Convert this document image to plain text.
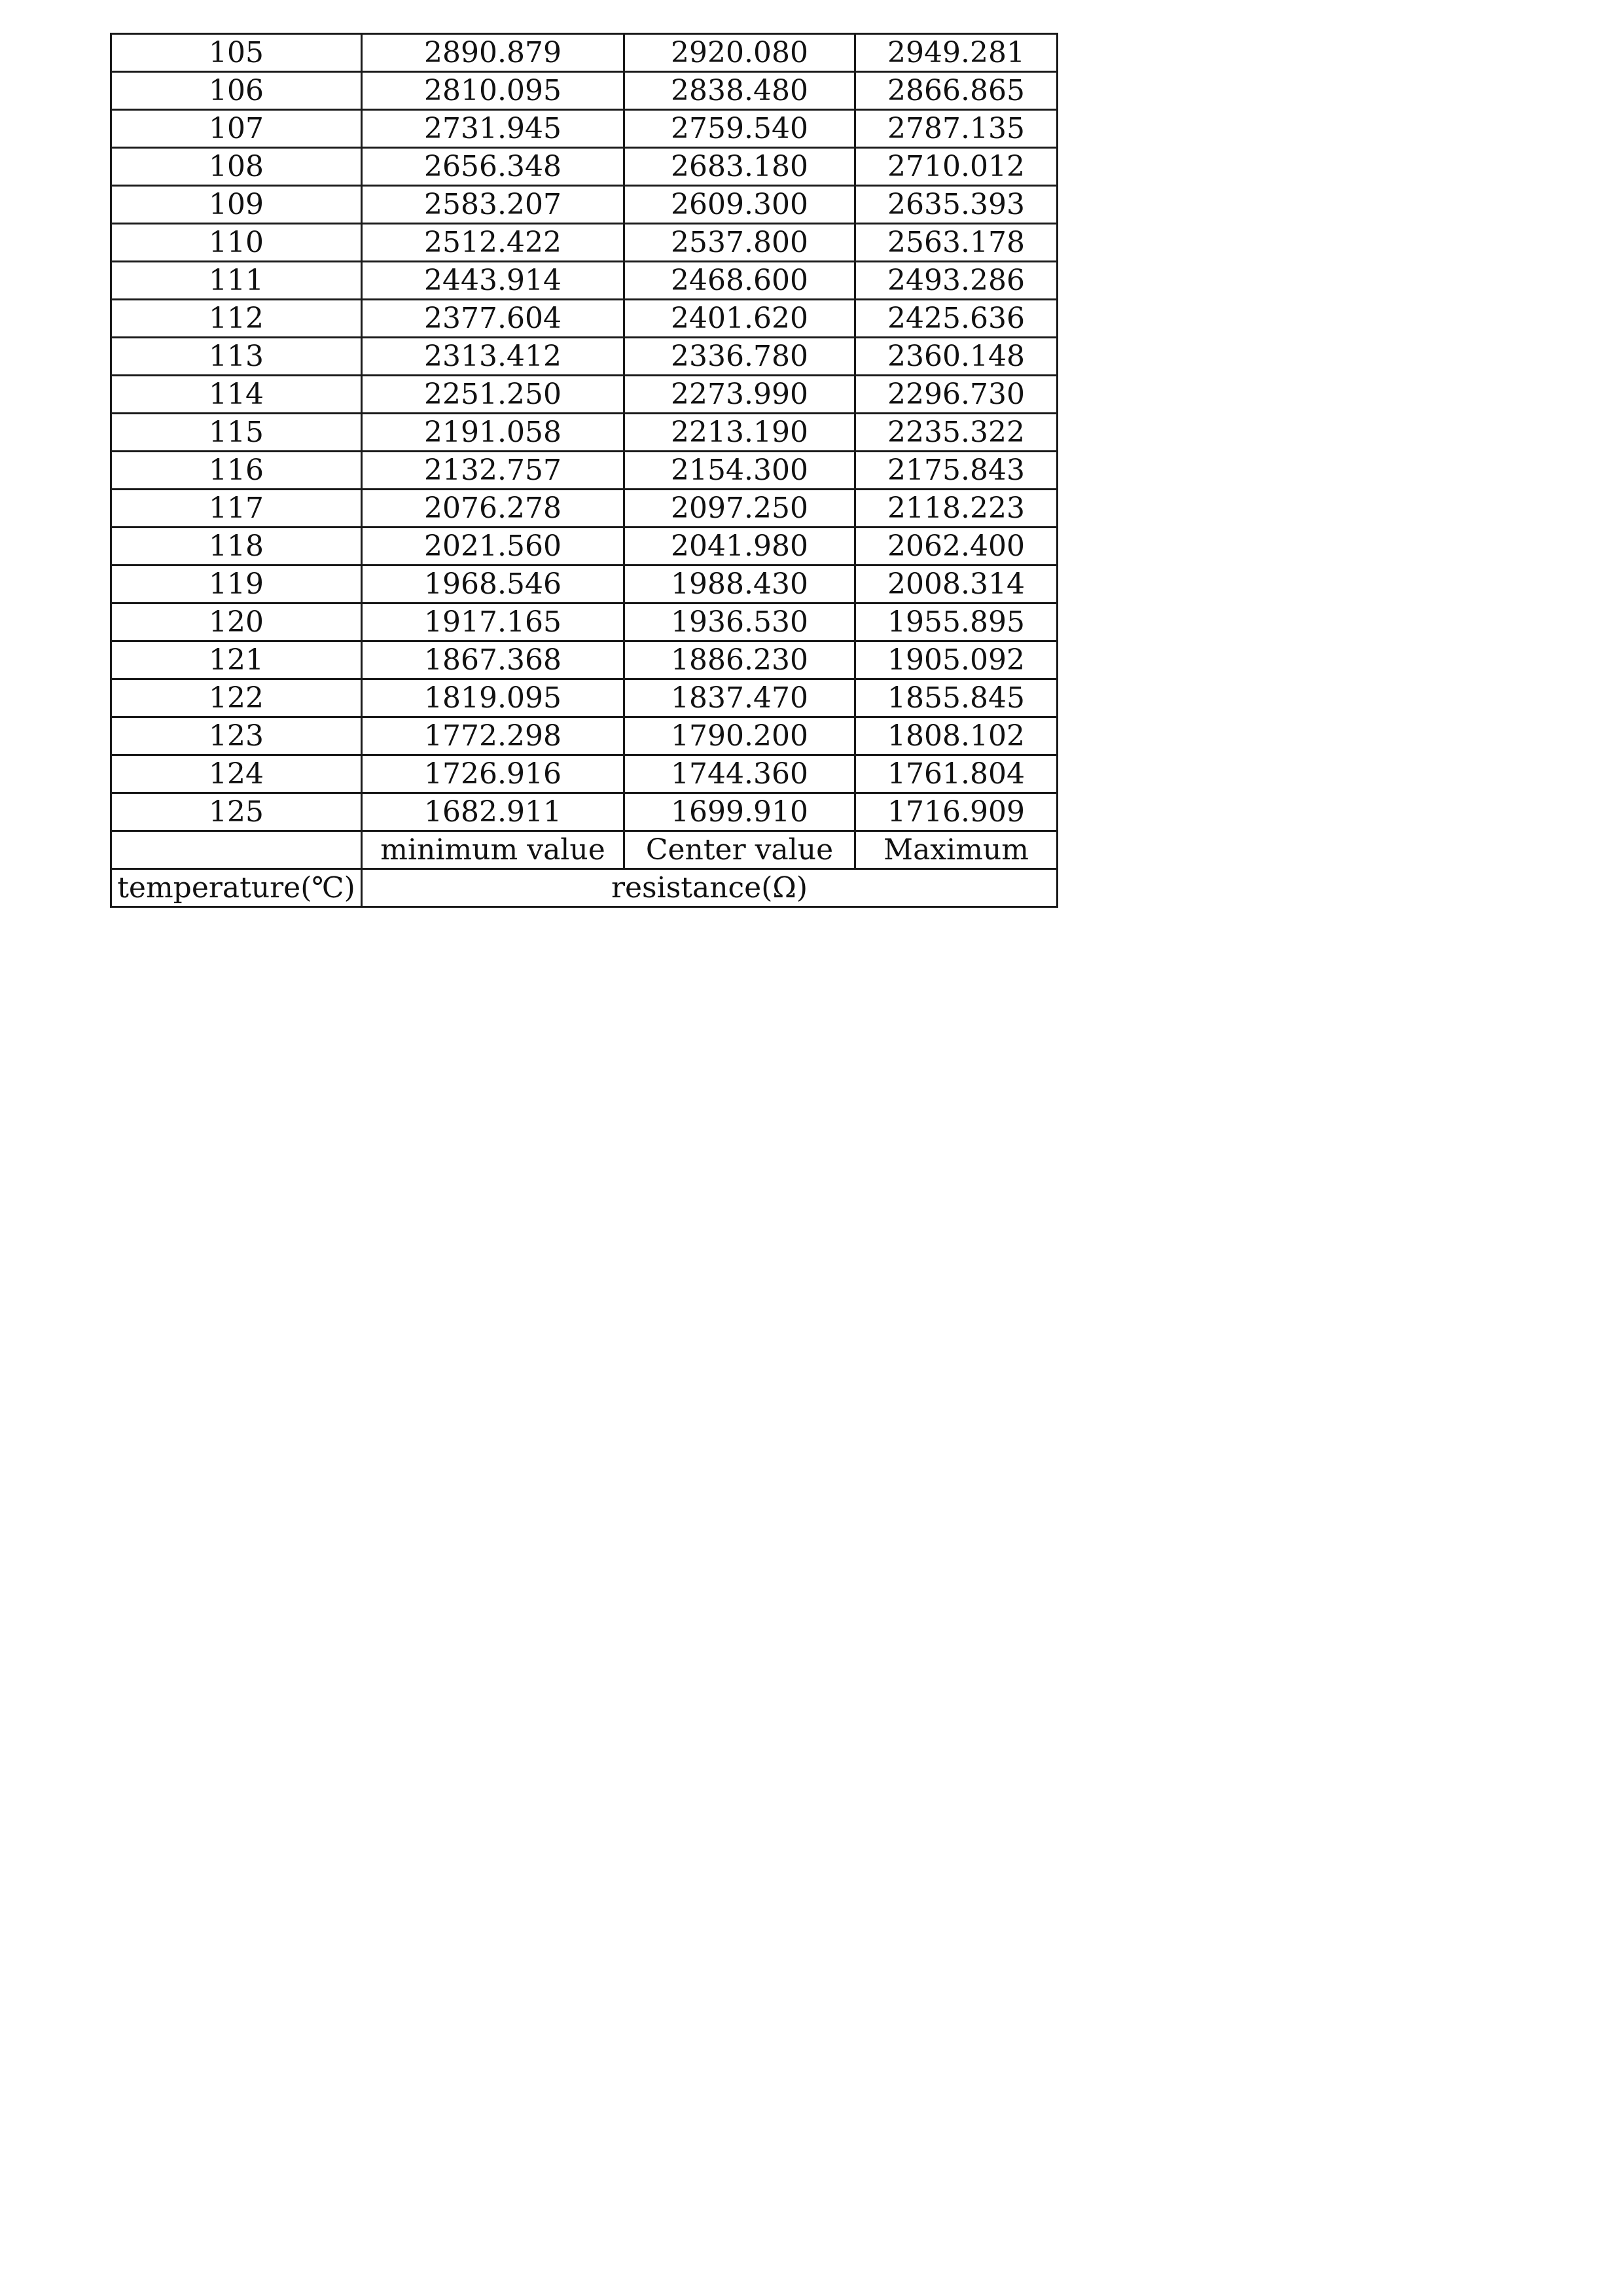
105	2890.879	2920.080	2949.281
106	2810.095	2838.480	2866.865
107	2731.945	2759.540	2787.135
108	2656.348	2683.180	2710.012
109	2583.207	2609.300	2635.393
110	2512.422	2537.800	2563.178
111	2443.914	2468.600	2493.286
112	2377.604	2401.620	2425.636
113	2313.412	2336.780	2360.148
114	2251.250	2273.990	2296.730
115	2191.058	2213.190	2235.322
116	2132.757	2154.300	2175.843
117	2076.278	2097.250	2118.223
118	2021.560	2041.980	2062.400
119	1968.546	1988.430	2008.314
120	1917.165	1936.530	1955.895
121	1867.368	1886.230	1905.092
122	1819.095	1837.470	1855.845
123	1772.298	1790.200	1808.102
124	1726.916	1744.360	1761.804
125	1682.911	1699.910	1716.909
	minimum value	Center value	Maximum
temperature(℃)	resistance(Ω)		
